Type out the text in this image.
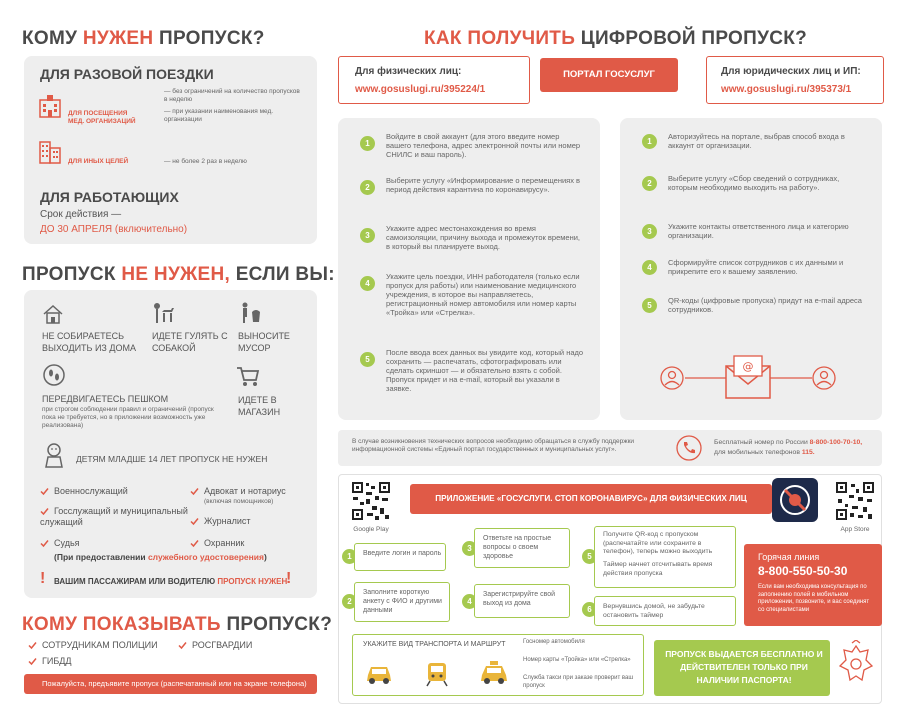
КОМУ НУЖЕН ПРОПУСК?
ДЛЯ РАЗОВОЙ ПОЕЗДКИ
ДЛЯ ПОСЕЩЕНИЯ МЕД. ОРГАНИЗАЦИЙ
— без ограничений на количество пропусков в неделю
— при указании наименования мед. организации
ДЛЯ ИНЫХ ЦЕЛЕЙ	— не более 2 раз в неделю
ДЛЯ РАБОТАЮЩИХ
Срок действия —
ДО 30 АПРЕЛЯ (включительно)
ПРОПУСК НЕ НУЖЕН, ЕСЛИ ВЫ:
НЕ СОБИРАЕТЕСЬ ВЫХОДИТЬ ИЗ ДОМА
ИДЕТЕ ГУЛЯТЬ С СОБАКОЙ
ВЫНОСИТЕ МУСОР
ПЕРЕДВИГАЕТЕСЬ ПЕШКОМ
при строгом соблюдении правил и ограничений (пропуск пока не требуется, но в приложении возможность уже реализована)
ИДЕТЕ В МАГАЗИН
ДЕТЯМ МЛАДШЕ 14 ЛЕТ ПРОПУСК НЕ НУЖЕН
Военнослужащий
Госслужащий и муниципальный служащий
Судья
Адвокат и нотариус
(включая помощников)
Журналист
Охранник
(При предоставлении служебного удостоверения)
! ВАШИМ ПАССАЖИРАМ ИЛИ ВОДИТЕЛЮ ПРОПУСК НУЖЕН
!
КОМУ ПОКАЗЫВАТЬ ПРОПУСК?
СОТРУДНИКАМ ПОЛИЦИИ	РОСГВАРДИИ
ГИБДД
Пожалуйста, предъявите пропуск (распечатанный или на экране телефона)
КАК ПОЛУЧИТЬ ЦИФРОВОЙ ПРОПУСК?
Для физических лиц:
www.gosuslugi.ru/395224/1
ПОРТАЛ ГОСУСЛУГ	Для юридических лиц и ИП:
www.gosuslugi.ru/395373/1
1
Войдите в свой аккаунт (для этого введите номер вашего телефона, адрес электронной почты или номер СНИЛС и ваш пароль).
2
Выберите услугу «Информирование о перемещениях в период действия карантина по коронавирусу».
3
Укажите адрес местонахождения во время самоизоляции, причину выхода и промежуток времени, в который вы планируете выход.
4
Укажите цель поездки, ИНН работодателя (только если пропуск для работы) или наименование медицинского учреждения, в которое вы направляетесь, регистрационный номер автомобиля или номер карты «Тройка» или «Стрелка».
5
После ввода всех данных вы увидите код, который надо сохранить — распечатать, сфотографировать или сделать скриншот — и обязательно взять с собой. Пропуск придет и на e-mail, который вы указали в заявке.
1
Авторизуйтесь на портале, выбрав способ входа в аккаунт от организации.
2
Выберите услугу «Сбор сведений о сотрудниках, которым необходимо выходить на работу».
3
Укажите контакты ответственного лица и категорию организации.
4
Сформируйте список сотрудников с их данными и прикрепите его к вашему заявлению.
5
QR-коды (цифровые пропуска) придут на e-mail адреса сотрудников.
@
В случае возникновения технических вопросов необходимо обращаться в службу поддержки информационной системы «Единый портал государственных и муниципальных услуг».
Бесплатный номер по России 8-800-100-70-10,
для мобильных телефонов 115.
Google Play
ПРИЛОЖЕНИЕ «ГОСУСЛУГИ. СТОП КОРОНАВИРУС» ДЛЯ ФИЗИЧЕСКИХ ЛИЦ
App Store
1	Введите логин и пароль
2
Заполните короткую анкету с ФИО и другими данными
3
Ответьте на простые вопросы о своем здоровье
4
Зарегистрируйте свой выход из дома
5
Получите QR-код с пропуском (распечатайте или сохраните в телефон), теперь можно выходить
Таймер начнет отсчитывать время действия пропуска
6	Вернувшись домой, не забудьте остановить таймер
УКАЖИТЕ ВИД ТРАНСПОРТА И МАРШРУТ	Госномер автомобиля
Номер карты «Тройка» или «Стрелка»
Служба такси при заказе проверит ваш пропуск
Горячая линия
8-800-550-50-30
Если вам необходима консультация по заполнению полей в мобильном приложении, позвоните, и вас соединят со специалистами
ПРОПУСК ВЫДАЕТСЯ БЕСПЛАТНО И ДЕЙСТВИТЕЛЕН ТОЛЬКО ПРИ НАЛИЧИИ ПАСПОРТА!
